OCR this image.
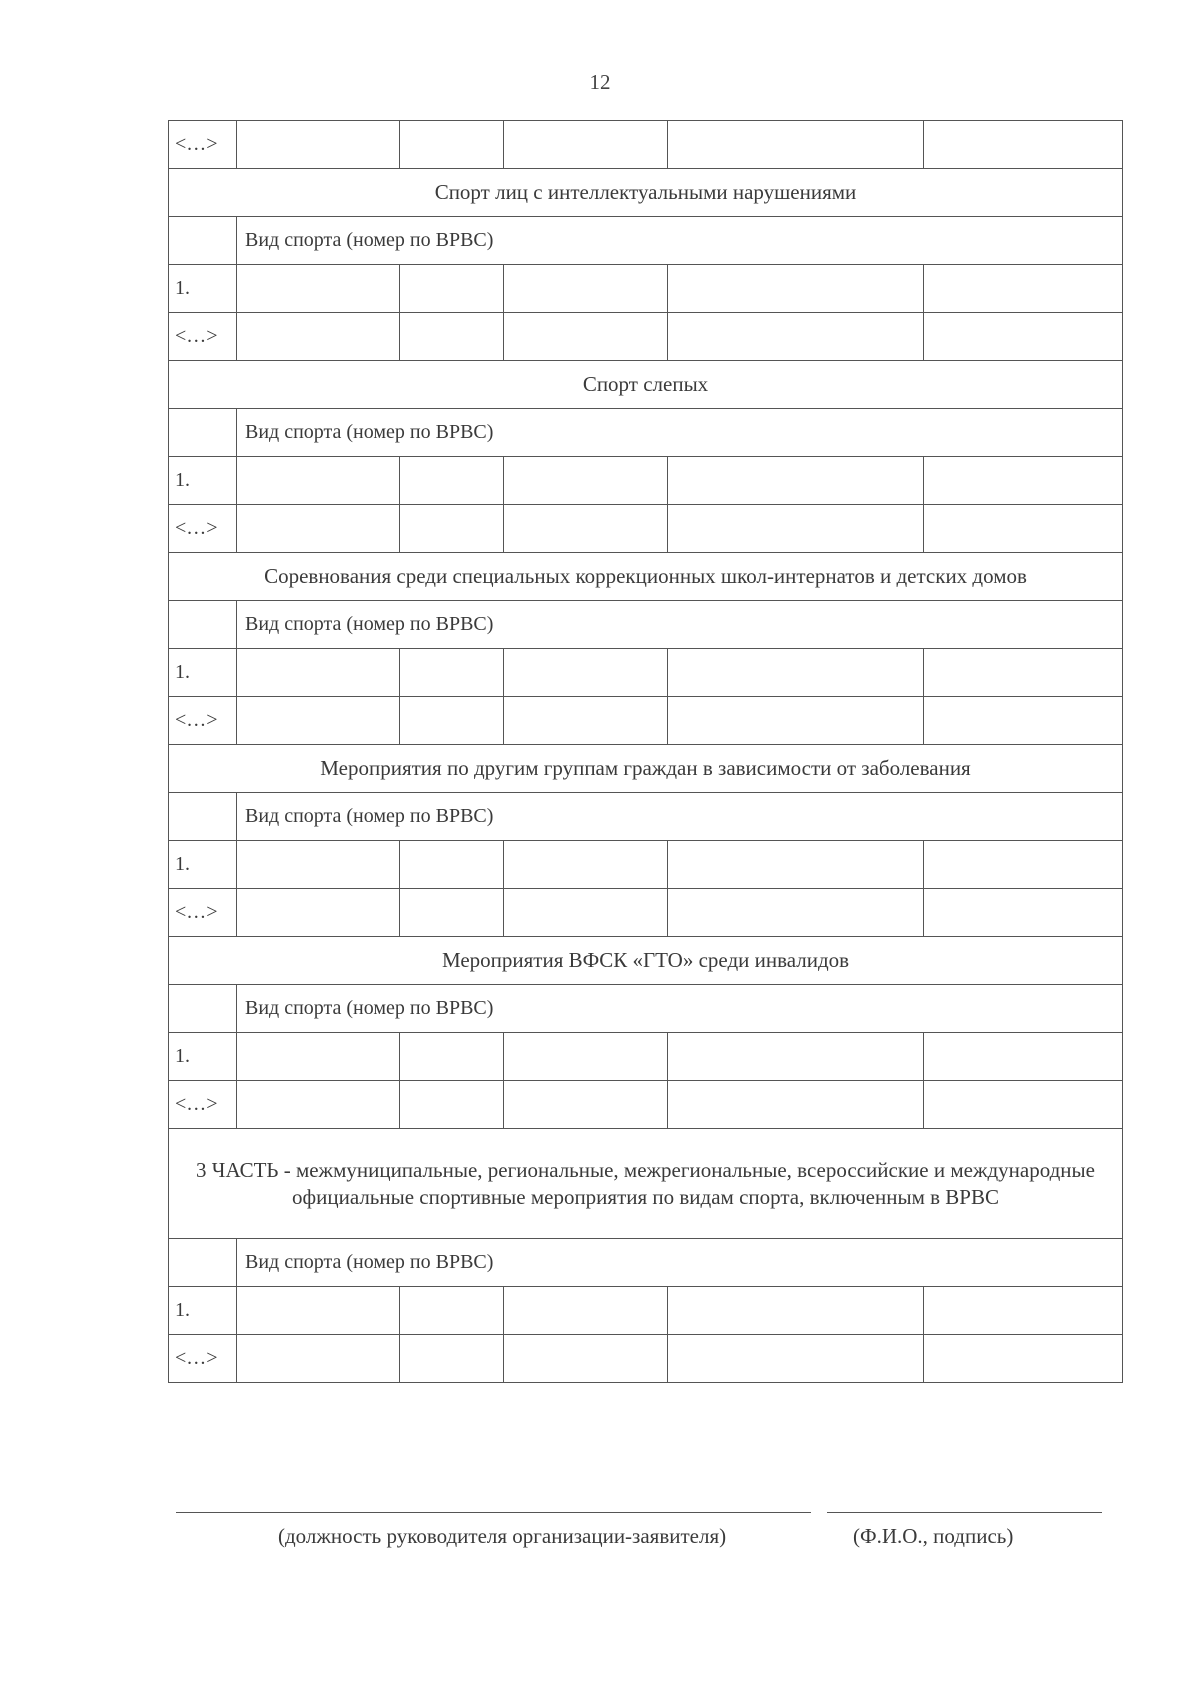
12
<…>					
Спорт лиц с интеллектуальными нарушениями					
	Вид спорта (номер по ВРВС)				
1.					
<…>					
Спорт слепых					
	Вид спорта (номер по ВРВС)				
1.					
<…>					
Соревнования среди специальных коррекционных школ-интернатов и детских домов					
	Вид спорта (номер по ВРВС)				
1.					
<…>					
Мероприятия по другим группам граждан в зависимости от заболевания					
	Вид спорта (номер по ВРВС)				
1.					
<…>					
Мероприятия ВФСК «ГТО» среди инвалидов					
	Вид спорта (номер по ВРВС)				
1.					
<…>					
3 ЧАСТЬ - межмуниципальные, региональные, межрегиональные, всероссийские и международные официальные спортивные мероприятия по видам спорта, включенным в ВРВС					
	Вид спорта (номер по ВРВС)				
1.					
<…>					
(должность руководителя организации-заявителя)	(Ф.И.О., подпись)
